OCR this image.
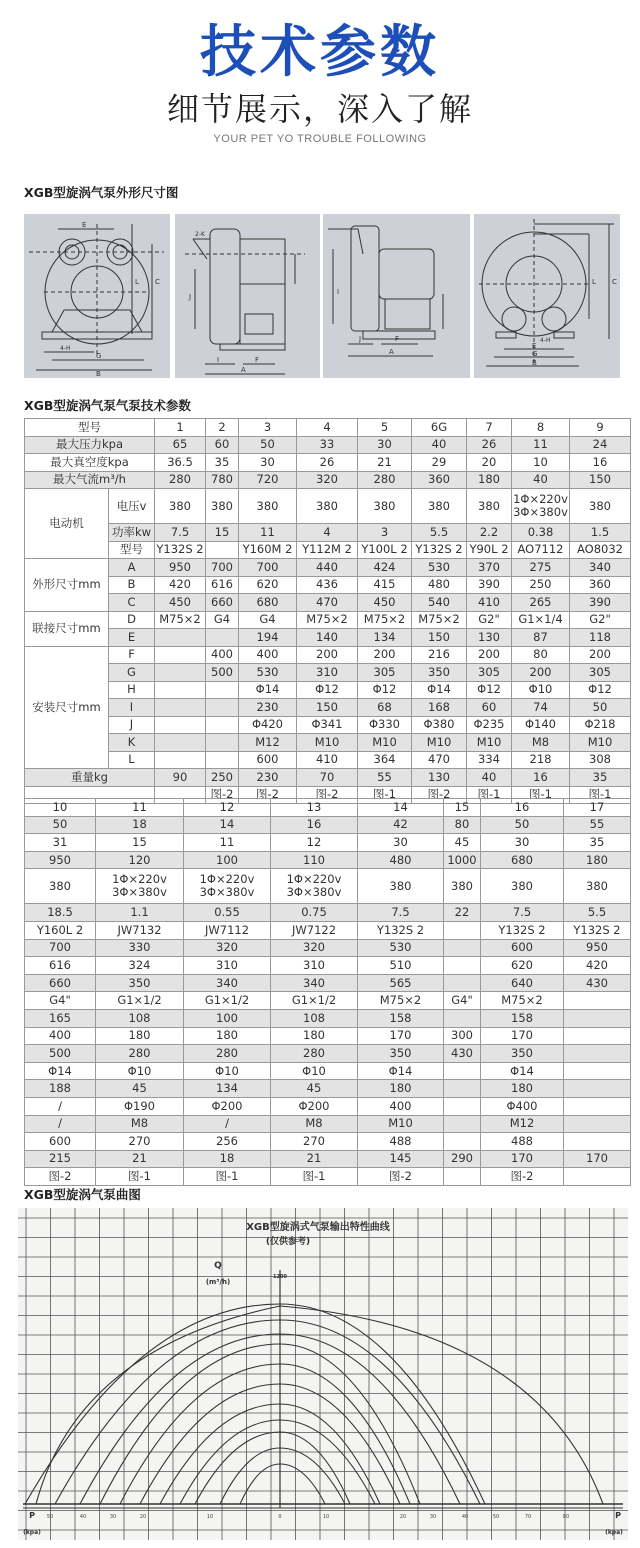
技术参数
细节展示，深入了解
YOUR PET YO TROUBLE FOLLOWING
XGB型旋涡气泵外形尺寸图
E
L C
4-H
G
B
2-K
J
I	F
A
J
I
F
A
L C
4-H
E
G
B
XGB型旋涡气泵气泵技术参数
型号		1	2	3	4	5	6G	7	8	9
最大压力kpa		65	60	50	33	30	40	26	11	24
最大真空度kpa		36.5	35	30	26	21	29	20	10	16
最大气流m³/h		280	780	720	320	280	360	180	40	150
电动机	电压v	380	380	380	380	380	380	380	1Φ×220v
3Φ×380v	380
	功率kw	7.5	15	11	4	3	5.5	2.2	0.38	1.5
	型号	Y132S 2		Y160M 2	Y112M 2	Y100L 2	Y132S 2	Y90L 2	AO7112	AO8032
外形尺寸mm	A	950	700	700	440	424	530	370	275	340
	B	420	616	620	436	415	480	390	250	360
	C	450	660	680	470	450	540	410	265	390
联接尺寸mm	D	M75×2	G4	G4	M75×2	M75×2	M75×2	G2"	G1×1/4	G2"
	E			194	140	134	150	130	87	118
安装尺寸mm	F		400	400	200	200	216	200	80	200
	G		500	530	310	305	350	305	200	305
	H			Φ14	Φ12	Φ12	Φ14	Φ12	Φ10	Φ12
	I			230	150	68	168	60	74	50
	J			Φ420	Φ341	Φ330	Φ380	Φ235	Φ140	Φ218
	K			M12	M10	M10	M10	M10	M8	M10
	L			600	410	364	470	334	218	308
重量kg		90	250	230	70	55	130	40	16	35
			图-2	图-2	图-2	图-1	图-2	图-1	图-1	图-1
10	11	12	13	14	15	16	17
50	18	14	16	42	80	50	55
31	15	11	12	30	45	30	35
950	120	100	110	480	1000	680	180
380	1Φ×220v
3Φ×380v	1Φ×220v
3Φ×380v	1Φ×220v
3Φ×380v	380	380	380	380
18.5	1.1	0.55	0.75	7.5	22	7.5	5.5
Y160L 2	JW7132	JW7112	JW7122	Y132S 2		Y132S 2	Y132S 2
700	330	320	320	530		600	950
616	324	310	310	510		620	420
660	350	340	340	565		640	430
G4"	G1×1/2	G1×1/2	G1×1/2	M75×2	G4"	M75×2	
165	108	100	108	158		158	
400	180	180	180	170	300	170	
500	280	280	280	350	430	350	
Φ14	Φ10	Φ10	Φ10	Φ14		Φ14	
188	45	134	45	180		180	
/	Φ190	Φ200	Φ200	400		Φ400	
/	M8	/	M8	M10		M12	
600	270	256	270	488		488	
215	21	18	21	145	290	170	170
图-2	图-1	图-1	图-1	图-2		图-2	
XGB型旋涡气泵曲图
XGB型旋涡式气泵输出特性曲线
(仅供参考)
Q
(m³/h)
1200
P	P
(kpa)	(kpa)
50	40	30	20	10	0	10	20	30	40	50	70	80
